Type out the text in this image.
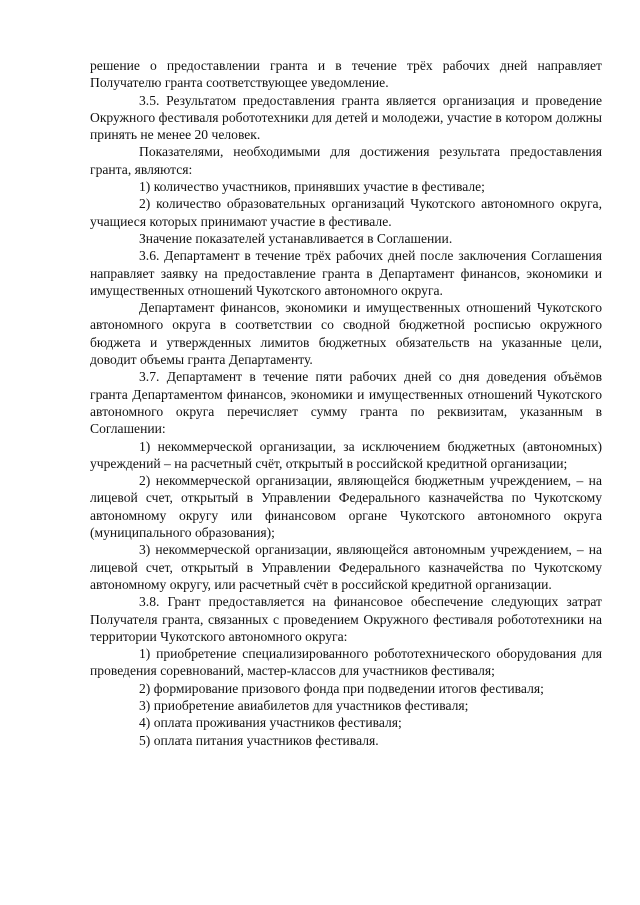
решение о предоставлении гранта и в течение трёх рабочих дней направляет Получателю гранта соответствующее уведомление.

3.5. Результатом предоставления гранта является организация и проведение Окружного фестиваля робототехники для детей и молодежи, участие в котором должны принять не менее 20 человек.

Показателями, необходимыми для достижения результата предоставления гранта, являются:

1) количество участников, принявших участие в фестивале;

2) количество образовательных организаций Чукотского автономного округа, учащиеся которых принимают участие в фестивале.

Значение показателей устанавливается в Соглашении.

3.6. Департамент в течение трёх рабочих дней после заключения Соглашения направляет заявку на предоставление гранта в Департамент финансов, экономики и имущественных отношений Чукотского автономного округа.

Департамент финансов, экономики и имущественных отношений Чукотского автономного округа в соответствии со сводной бюджетной росписью окружного бюджета и утвержденных лимитов бюджетных обязательств на указанные цели, доводит объемы гранта Департаменту.

3.7. Департамент в течение пяти рабочих дней со дня доведения объёмов гранта Департаментом финансов, экономики и имущественных отношений Чукотского автономного округа перечисляет сумму гранта по реквизитам, указанным в Соглашении:

1) некоммерческой организации, за исключением бюджетных (автономных) учреждений – на расчетный счёт, открытый в российской кредитной организации;

2) некоммерческой организации, являющейся бюджетным учреждением, – на лицевой счет, открытый в Управлении Федерального казначейства по Чукотскому автономному округу или финансовом органе Чукотского автономного округа (муниципального образования);

3) некоммерческой организации, являющейся автономным учреждением, – на лицевой счет, открытый в Управлении Федерального казначейства по Чукотскому автономному округу, или расчетный счёт в российской кредитной организации.

3.8. Грант предоставляется на финансовое обеспечение следующих затрат Получателя гранта, связанных с проведением Окружного фестиваля робототехники на территории Чукотского автономного округа:

1) приобретение специализированного робототехнического оборудования для проведения соревнований, мастер-классов для участников фестиваля;

2) формирование призового фонда при подведении итогов фестиваля;

3) приобретение авиабилетов для участников фестиваля;

4) оплата проживания участников фестиваля;

5) оплата питания участников фестиваля.
